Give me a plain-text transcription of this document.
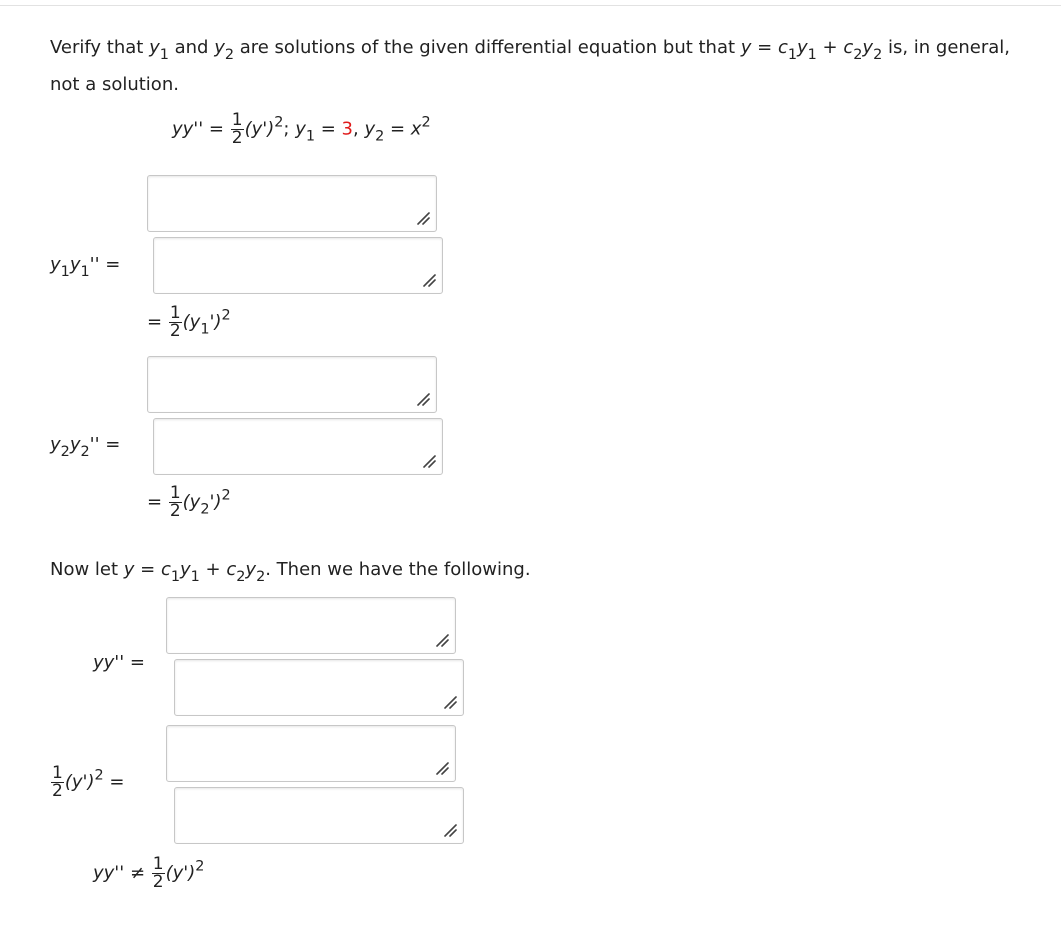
Verify that $y_1$ and $y_2$ are solutions of the given differential equation but that $y = c_1y_1 + c_2y_2$ is, in general, not a solution.
$yy'' = \frac{1}{2} (y')^2$; $y_1 = 3$, $y_2 = x^2$
$y_1y_1''$ =
= $\frac{1}{2} (y_1')^2$
$y_2y_2''$ =
= $\frac{1}{2} (y_2')^2$
Now let $y = c_1y_1 + c_2y_2$. Then we have the following.
yy'' =
$\frac{1}{2} (y')^2$ =
$yy'' \ne \frac{1}{2} (y')^2$
